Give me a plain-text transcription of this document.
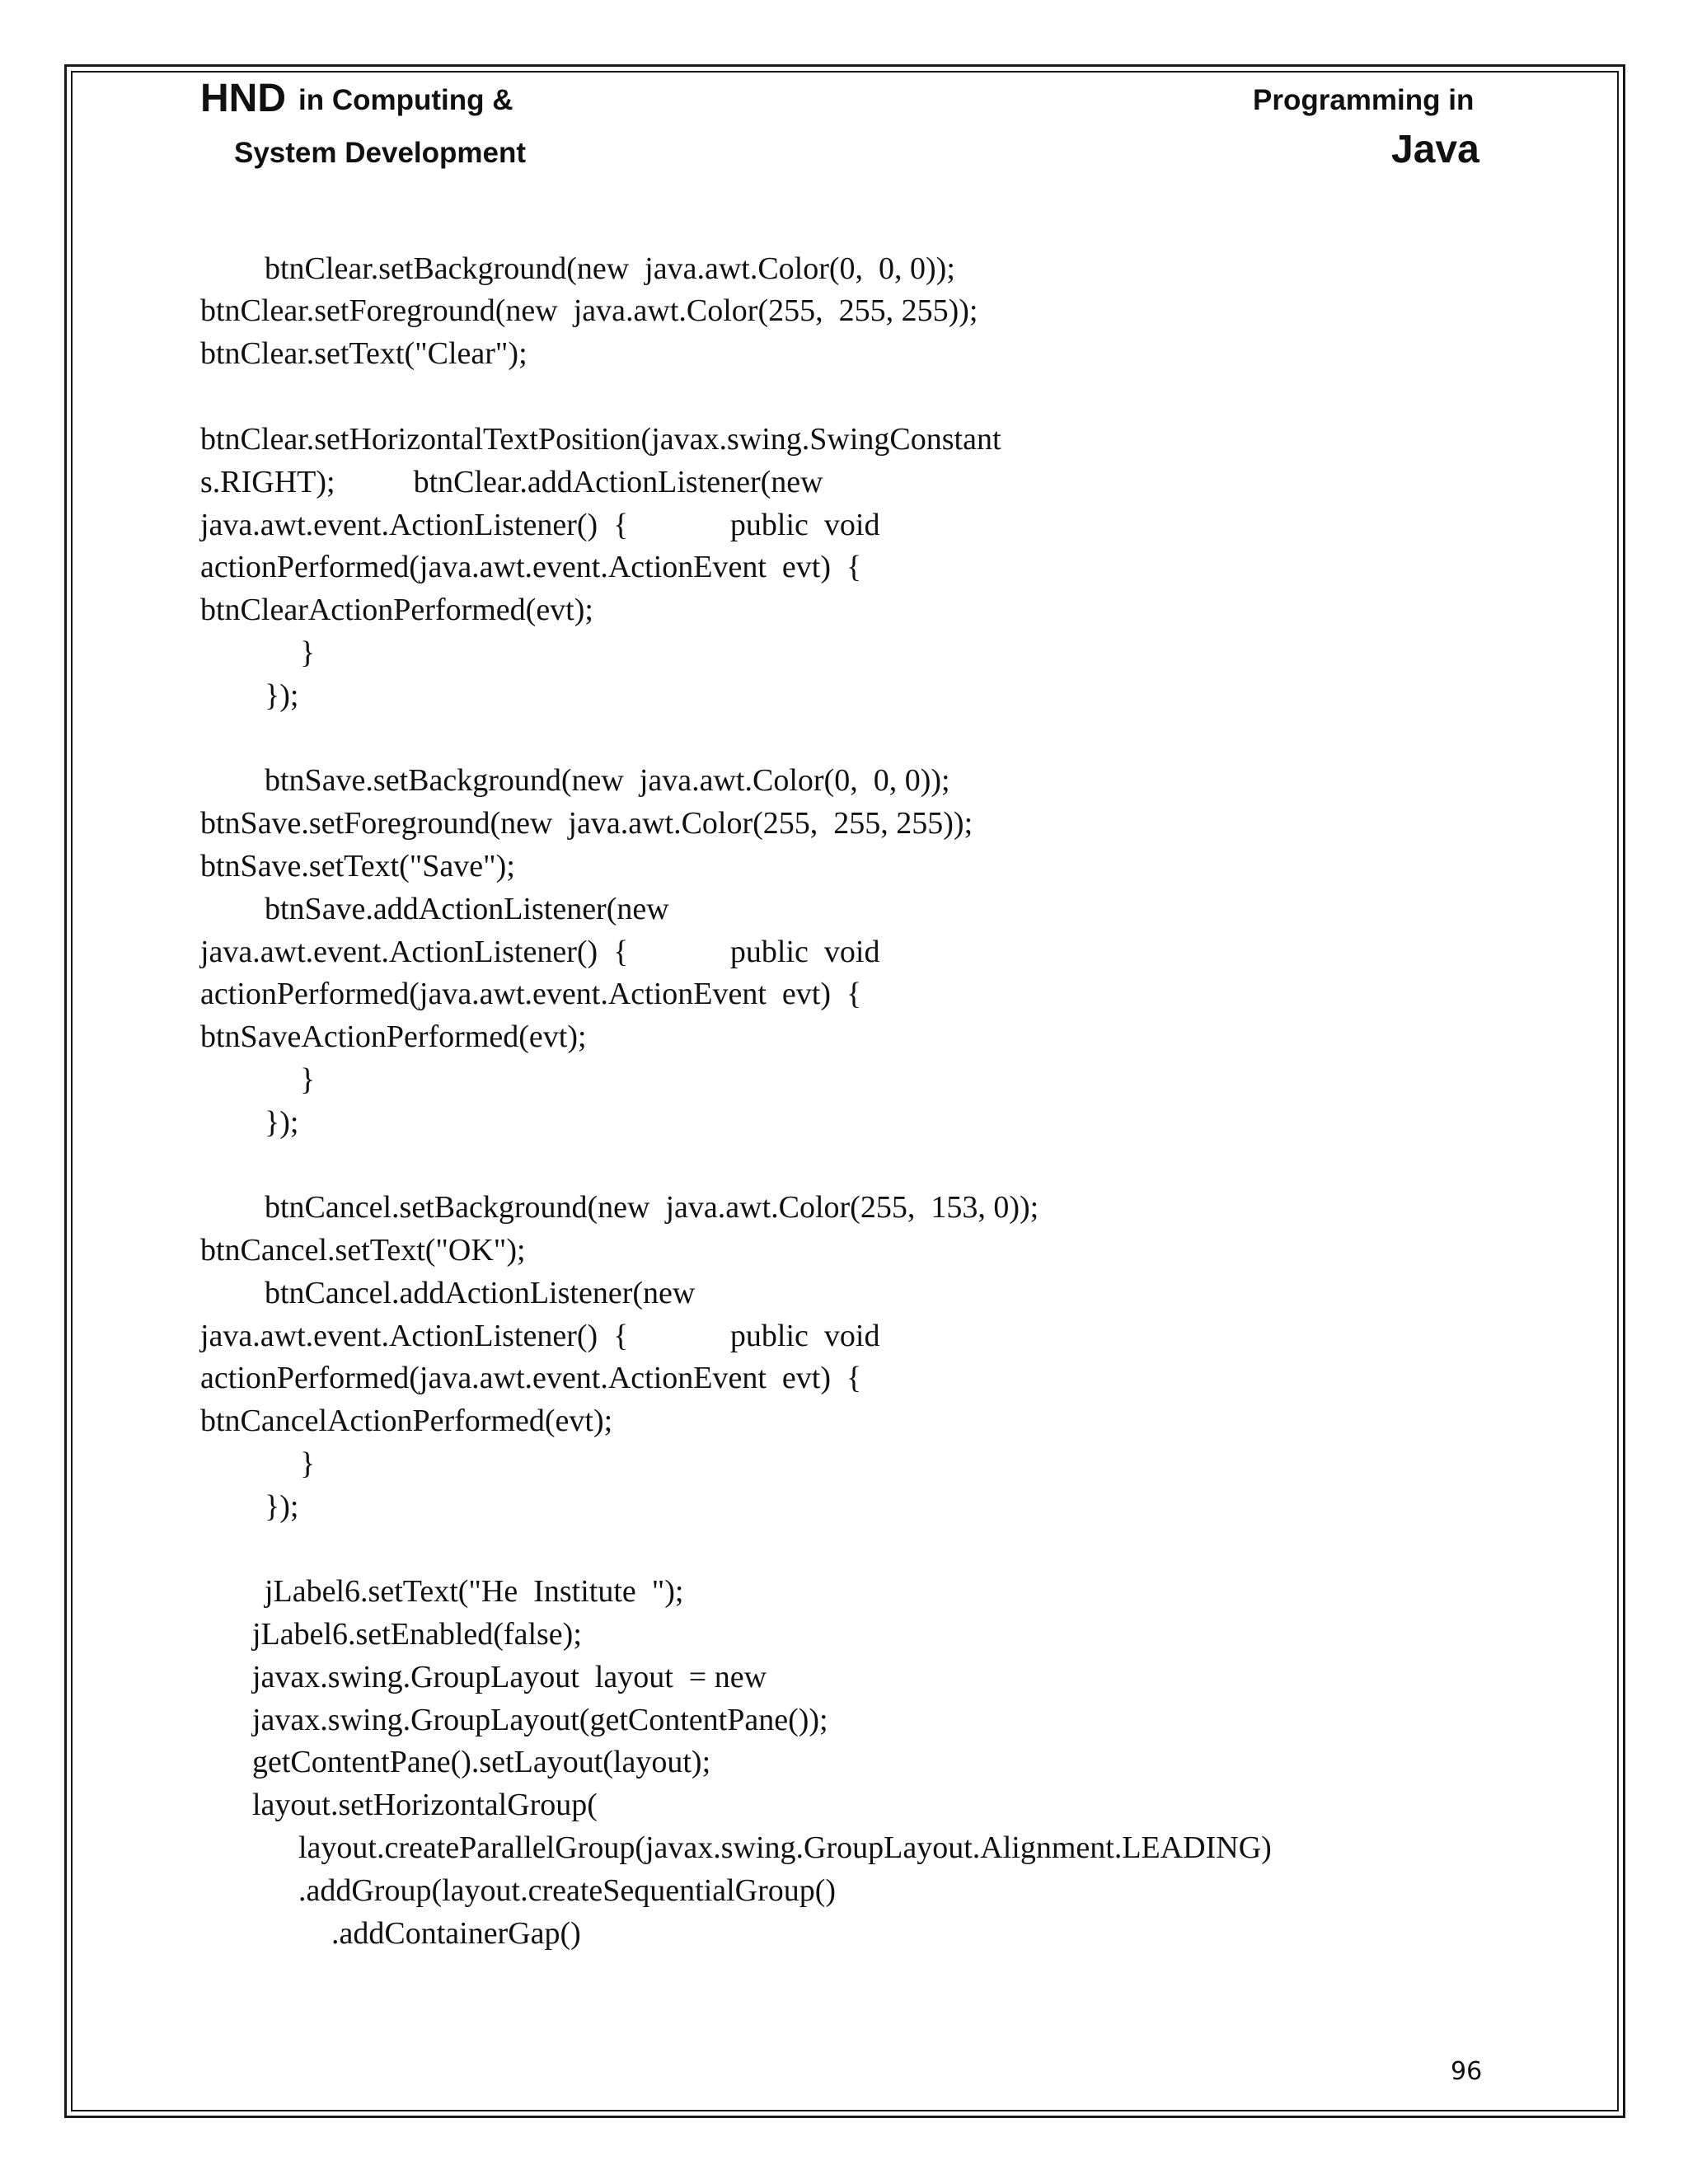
HND in Computing &
System Development
Programming in
Java

btnClear.setBackground(new  java.awt.Color(0,  0, 0));

btnClear.setForeground(new  java.awt.Color(255,  255, 255));

btnClear.setText("Clear");

btnClear.setHorizontalTextPosition(javax.swing.SwingConstant

s.RIGHT);          btnClear.addActionListener(new

java.awt.event.ActionListener()  {             public  void

actionPerformed(java.awt.event.ActionEvent  evt)  {

btnClearActionPerformed(evt);

}

});

btnSave.setBackground(new  java.awt.Color(0,  0, 0));

btnSave.setForeground(new  java.awt.Color(255,  255, 255));

btnSave.setText("Save");

btnSave.addActionListener(new

java.awt.event.ActionListener()  {             public  void

actionPerformed(java.awt.event.ActionEvent  evt)  {

btnSaveActionPerformed(evt);

}

});

btnCancel.setBackground(new  java.awt.Color(255,  153, 0));

btnCancel.setText("OK");

btnCancel.addActionListener(new

java.awt.event.ActionListener()  {             public  void

actionPerformed(java.awt.event.ActionEvent  evt)  {

btnCancelActionPerformed(evt);

}

});

jLabel6.setText("He  Institute  ");

jLabel6.setEnabled(false);

javax.swing.GroupLayout  layout  = new

javax.swing.GroupLayout(getContentPane());

getContentPane().setLayout(layout);

layout.setHorizontalGroup(

layout.createParallelGroup(javax.swing.GroupLayout.Alignment.LEADING)

.addGroup(layout.createSequentialGroup()

.addContainerGap()

96
